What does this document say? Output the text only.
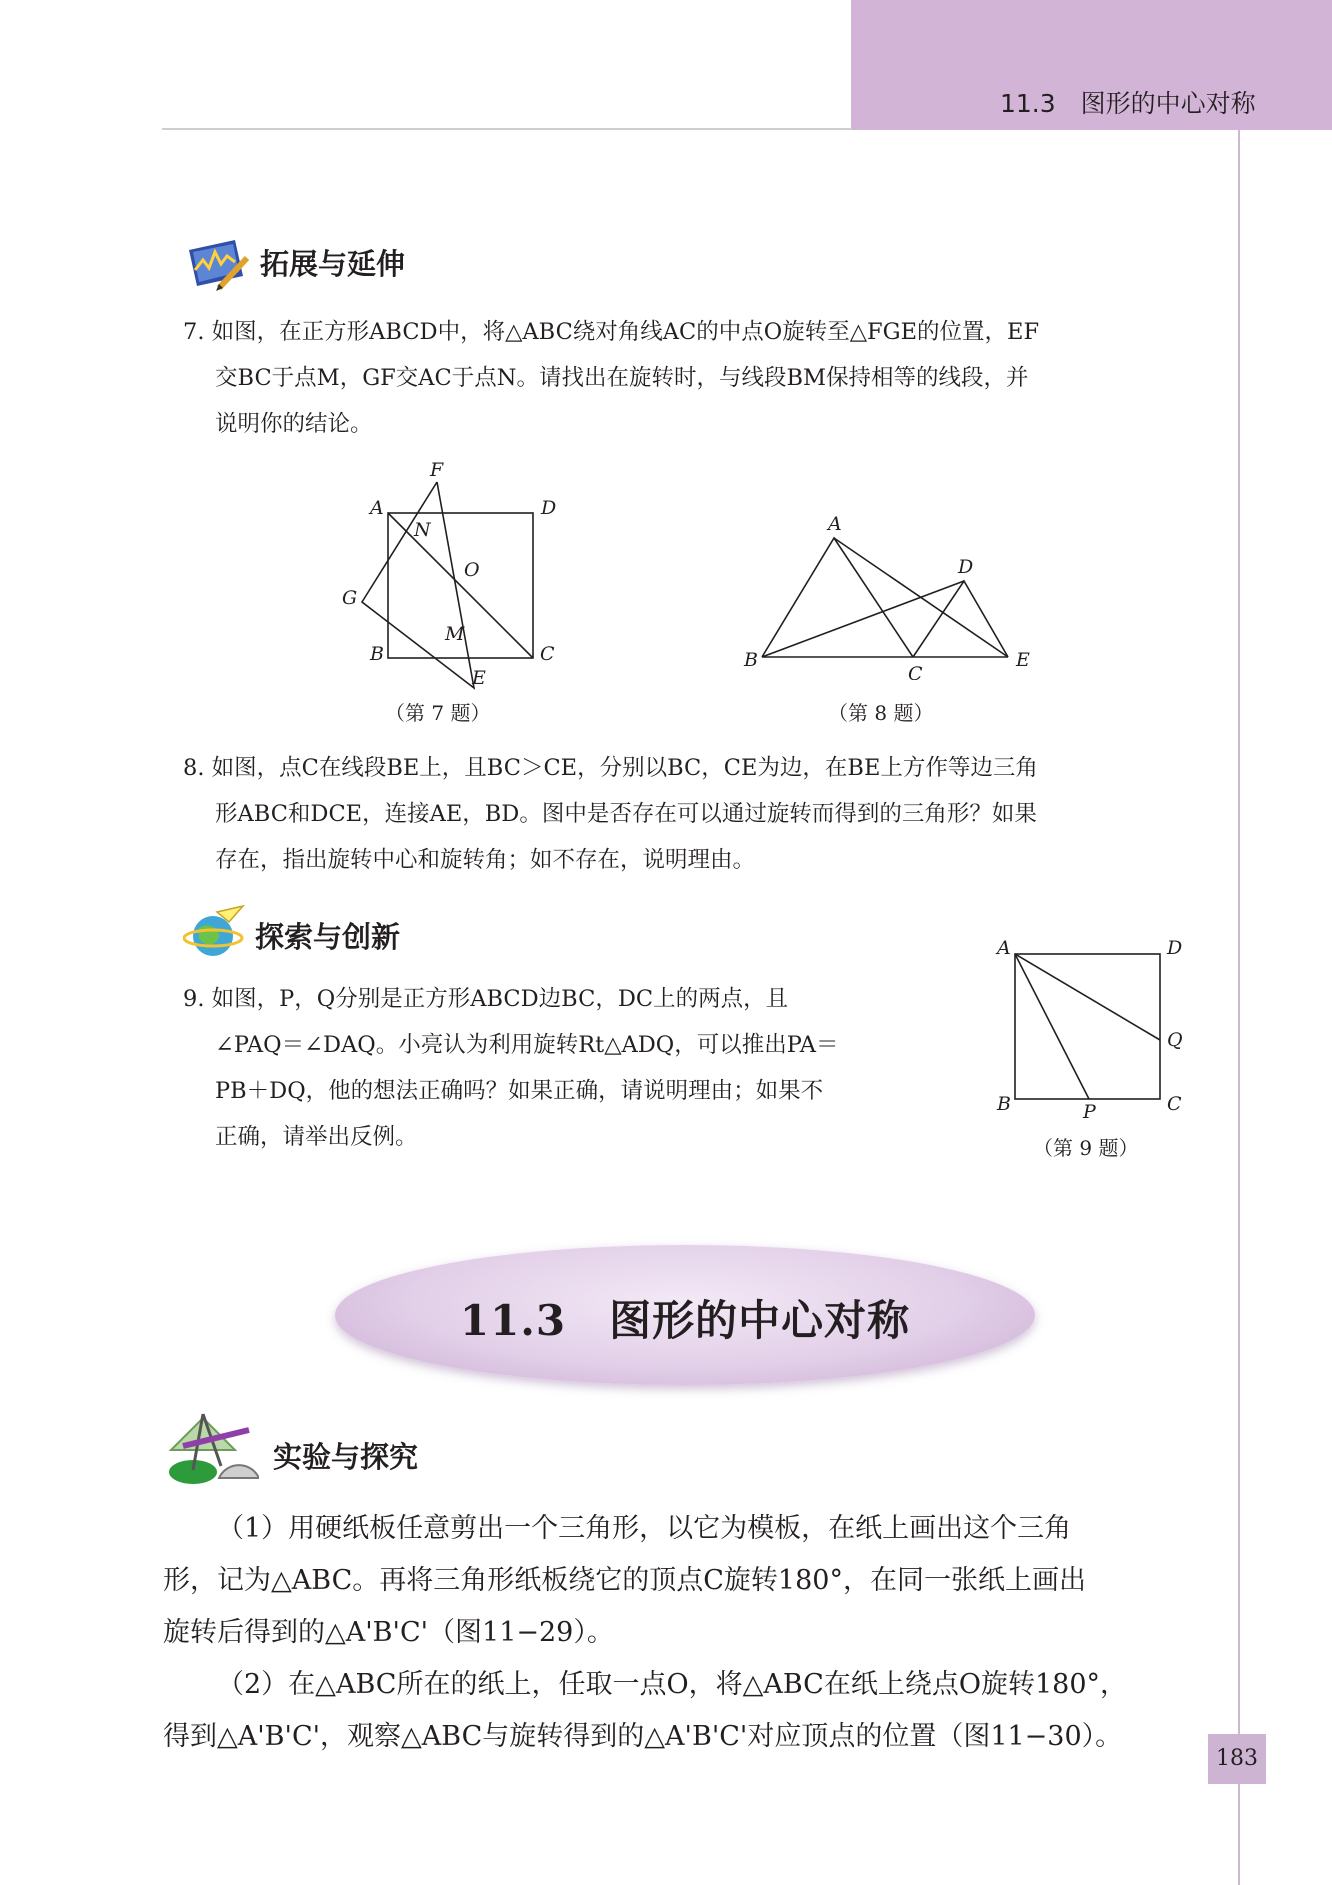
11.3　图形的中心对称
拓展与延伸
7. 如图，在正方形ABCD中，将△ABC绕对角线AC的中点O旋转至△FGE的位置，EF
交BC于点M，GF交AC于点N。请找出在旋转时，与线段BM保持相等的线段，并
说明你的结论。
A	D
B	C
F
G
E
M
N
O
（第 7 题）
A
B
C
D
E
（第 8 题）
8. 如图，点C在线段BE上，且BC＞CE，分别以BC，CE为边，在BE上方作等边三角
形ABC和DCE，连接AE，BD。图中是否存在可以通过旋转而得到的三角形？如果
存在，指出旋转中心和旋转角；如不存在，说明理由。
探索与创新
9. 如图，P，Q分别是正方形ABCD边BC，DC上的两点，且
∠PAQ＝∠DAQ。小亮认为利用旋转Rt△ADQ，可以推出PA＝
PB＋DQ，他的想法正确吗？如果正确，请说明理由；如果不
正确，请举出反例。
A	D
B	C
P
Q
（第 9 题）
11.3　图形的中心对称
实验与探究
（1）用硬纸板任意剪出一个三角形，以它为模板，在纸上画出这个三角
形，记为△ABC。再将三角形纸板绕它的顶点C旋转180°，在同一张纸上画出
旋转后得到的△A'B'C'（图11−29）。
（2）在△ABC所在的纸上，任取一点O，将△ABC在纸上绕点O旋转180°，
得到△A'B'C'，观察△ABC与旋转得到的△A'B'C'对应顶点的位置（图11−30）。
183
